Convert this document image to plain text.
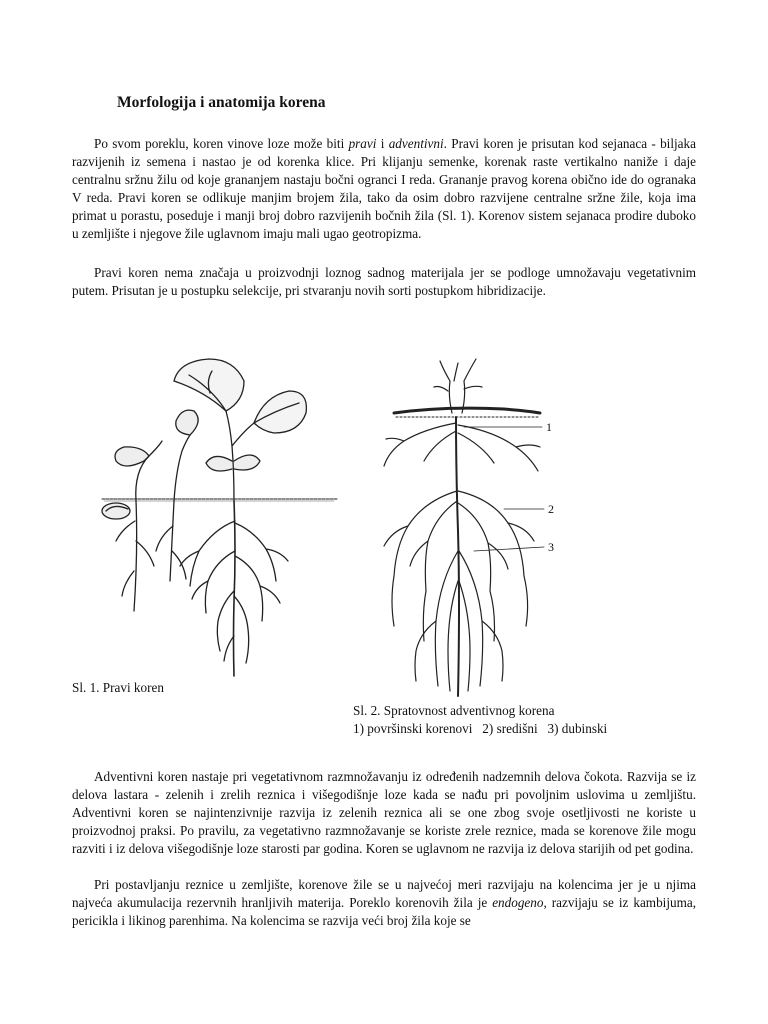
Morfologija i anatomija korena

Po svom poreklu, koren vinove loze može biti pravi i adventivni. Pravi koren je prisutan kod sejanaca - biljaka razvijenih iz semena i nastao je od korenka klice. Pri klijanju semenke, korenak raste vertikalno naniže i daje centralnu sržnu žilu od koje grananjem nastaju bočni ogranci I reda. Grananje pravog korena obično ide do ogranaka V reda. Pravi koren se odlikuje manjim brojem žila, tako da osim dobro razvijene centralne sržne žile, koja ima primat u porastu, poseduje i manji broj dobro razvijenih bočnih žila (Sl. 1). Korenov sistem sejanaca prodire duboko u zemljište i njegove žile uglavnom imaju mali ugao geotropizma.

Pravi koren nema značaja u proizvodnji loznog sadnog materijala jer se podloge umnožavaju vegetativnim putem. Prisutan je u postupku selekcije, pri stvaranju novih sorti postupkom hibridizacije.

Sl. 1. Pravi koren
1
2
3
Sl. 2. Spratovnost adventivnog korena
1) površinski korenovi   2) središni   3) dubinski

Adventivni koren nastaje pri vegetativnom razmnožavanju iz određenih nadzemnih delova čokota. Razvija se iz delova lastara - zelenih i zrelih reznica i višegodišnje loze kada se nađu pri povoljnim uslovima u zemljištu. Adventivni koren se najintenzivnije razvija iz zelenih reznica ali se one zbog svoje osetljivosti ne koriste u proizvodnoj praksi. Po pravilu, za vegetativno razmnožavanje se koriste zrele reznice, mada se korenove žile mogu razviti i iz delova višegodišnje loze starosti par godina. Koren se uglavnom ne razvija iz delova starijih od pet godina.

Pri postavljanju reznice u zemljište, korenove žile se u najvećoj meri razvijaju na kolencima jer je u njima najveća akumulacija rezervnih hranljivih materija. Poreklo korenovih žila je endogeno, razvijaju se iz kambijuma, pericikla i likinog parenhima. Na kolencima se razvija veći broj žila koje se
